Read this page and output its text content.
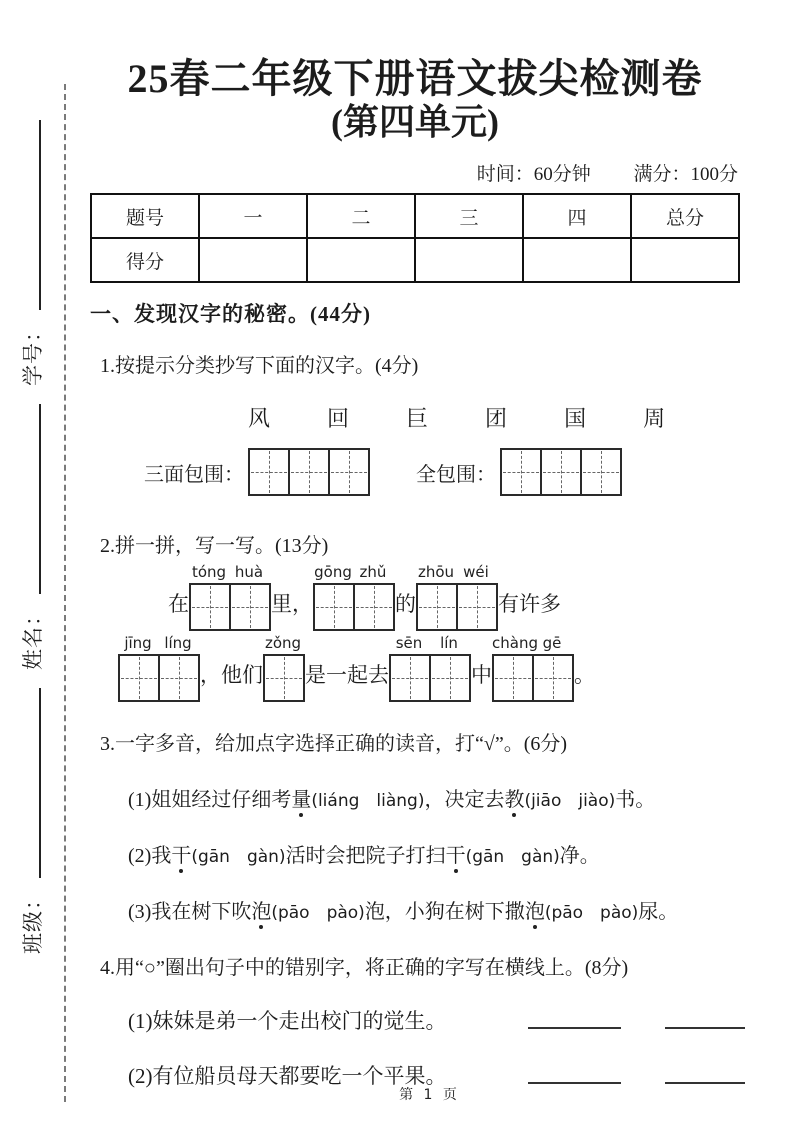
班级：
姓名：
学号：
25春二年级下册语文拔尖检测卷
(第四单元)
时间：60分钟 满分：100分
题号	一	二	三	四	总分
得分					
一、发现汉字的秘密。(44分)
1.按提示分类抄写下面的汉字。(4分)
风	回	巨	团	国	周
三面包围：	全包围：
2.拼一拼，写一写。(13分)
在
tóng huà
里，
gōng zhǔ
的
zhōu wéi
有许多
jīng líng
，他们
zǒng
是一起去
sēn	lín
中
chàng gē
。
3.一字多音，给加点字选择正确的读音，打“√”。(6分)
(1)姐姐经过仔细考量(liáng　liàng)，决定去教(jiāo　jiào)书。
(2)我干(gān　gàn)活时会把院子打扫干(gān　gàn)净。
(3)我在树下吹泡(pāo　pào)泡，小狗在树下撒泡(pāo　pào)尿。
4.用“○”圈出句子中的错别字，将正确的字写在横线上。(8分)
(1)妹妹是弟一个走出校门的觉生。
(2)有位船员母天都要吃一个平果。
第 1 页
